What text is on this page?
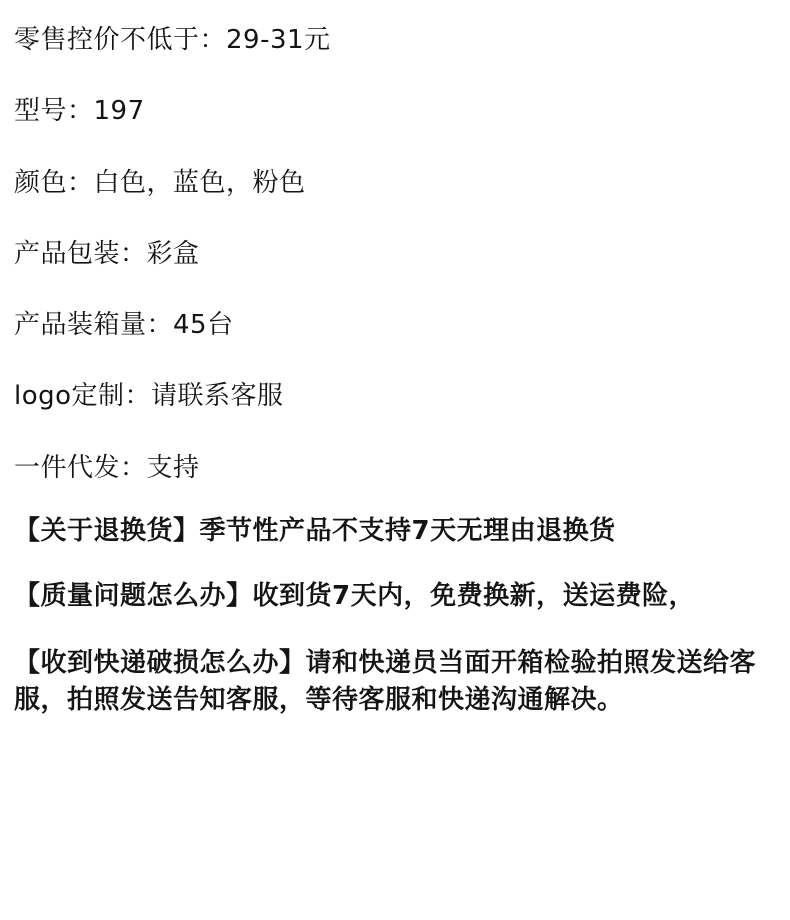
零售控价不低于：29-31元

型号：197

颜色：白色，蓝色，粉色

产品包装：彩盒

产品装箱量：45台

logo定制：请联系客服

一件代发：支持

【关于退换货】季节性产品不支持7天无理由退换货

【质量问题怎么办】收到货7天内，免费换新，送运费险，

【收到快递破损怎么办】请和快递员当面开箱检验拍照发送给客服，拍照发送告知客服，等待客服和快递沟通解决。
